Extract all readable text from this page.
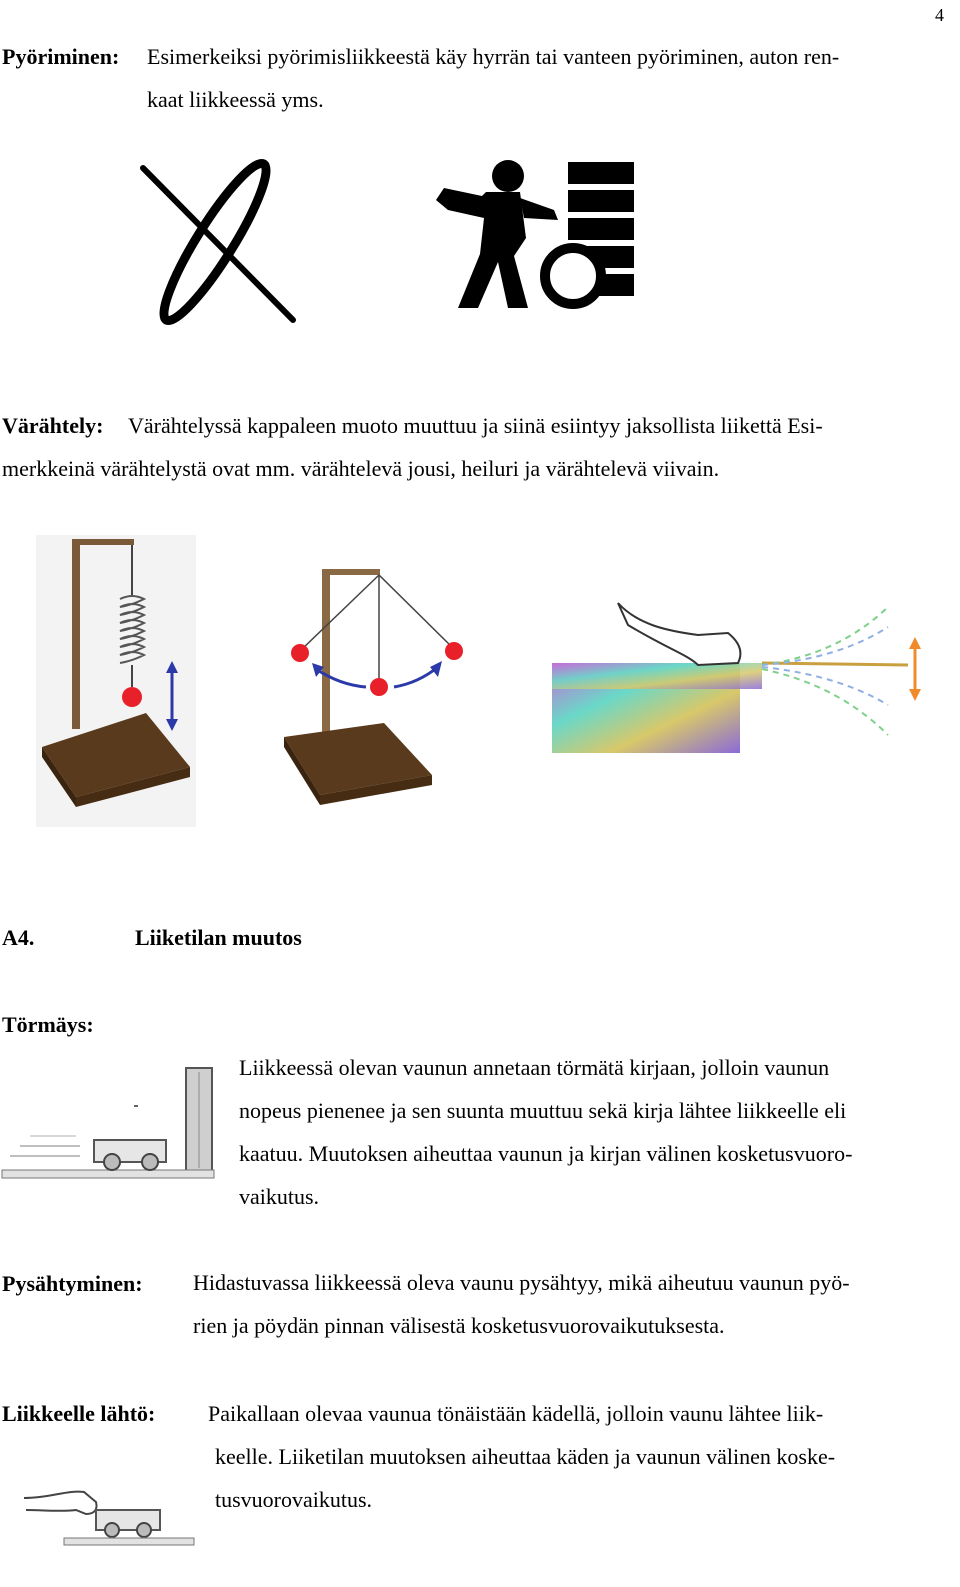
4
Pyöriminen: Esimerkeiksi pyörimisliikkeestä käy hyrrän tai vanteen pyöriminen, auton ren-
kaat liikkeessä yms.
Värähtely: Värähtelyssä kappaleen muoto muuttuu ja siinä esiintyy jaksollista liikettä Esi-
merkkeinä värähtelystä ovat mm. värähtelevä jousi, heiluri ja värähtelevä viivain.
A4.	Liiketilan muutos
Törmäys:
Liikkeessä olevan vaunun annetaan törmätä kirjaan, jolloin vaunun
nopeus pienenee ja sen suunta muuttuu sekä kirja lähtee liikkeelle eli
kaatuu. Muutoksen aiheuttaa vaunun ja kirjan välinen kosketusvuoro-
vaikutus.
Pysähtyminen: Hidastuvassa liikkeessä oleva vaunu pysähtyy, mikä aiheutuu vaunun pyö-
rien ja pöydän pinnan välisestä kosketusvuorovaikutuksesta.
Liikkeelle lähtö: Paikallaan olevaa vaunua tönäistään kädellä, jolloin vaunu lähtee liik-
keelle. Liiketilan muutoksen aiheuttaa käden ja vaunun välinen koske-
tusvuorovaikutus.
